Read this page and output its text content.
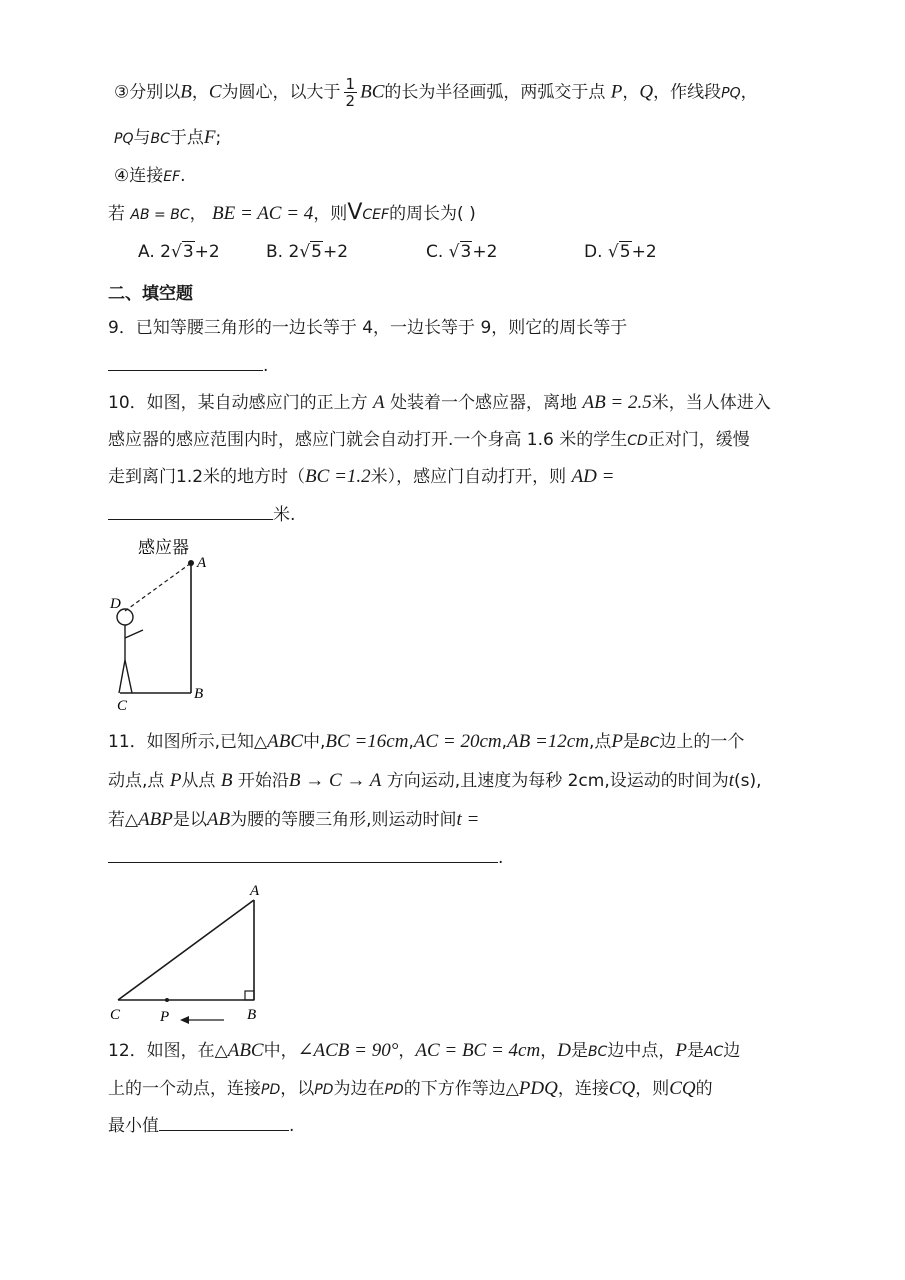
③分别以B，C为圆心，以大于 $\frac{1}{2}$ BC的长为半径画弧，两弧交于点 P，Q，作线段PQ，
PQ与BC于点F;
④连接EF.
若 AB = BC， BE = AC = 4，则VCEF的周长为( )
A. 2√3+2	B. 2√5+2	C. √3+2	D. √5+2
二、填空题
9．已知等腰三角形的一边长等于 4，一边长等于 9，则它的周长等于
.
10．如图，某自动感应门的正上方 A 处装着一个感应器，离地 AB = 2.5米，当人体进入
感应器的感应范围内时，感应门就会自动打开.一个身高 1.6 米的学生CD正对门，缓慢
走到离门1.2米的地方时（BC =1.2米），感应门自动打开，则 AD =
米.
感应器
A
D
C
B
11．如图所示,已知△ABC中,BC =16cm,AC = 20cm,AB =12cm,点P是BC边上的一个
动点,点 P从点 B 开始沿B → C → A 方向运动,且速度为每秒 2cm,设运动的时间为t(s),
若△ABP是以AB为腰的等腰三角形,则运动时间t =
.
A
C	P	B
12．如图，在△ABC中，∠ACB = 90°，AC = BC = 4cm，D是BC边中点，P是AC边
上的一个动点，连接PD，以PD为边在PD的下方作等边△PDQ，连接CQ，则CQ的
最小值	.
